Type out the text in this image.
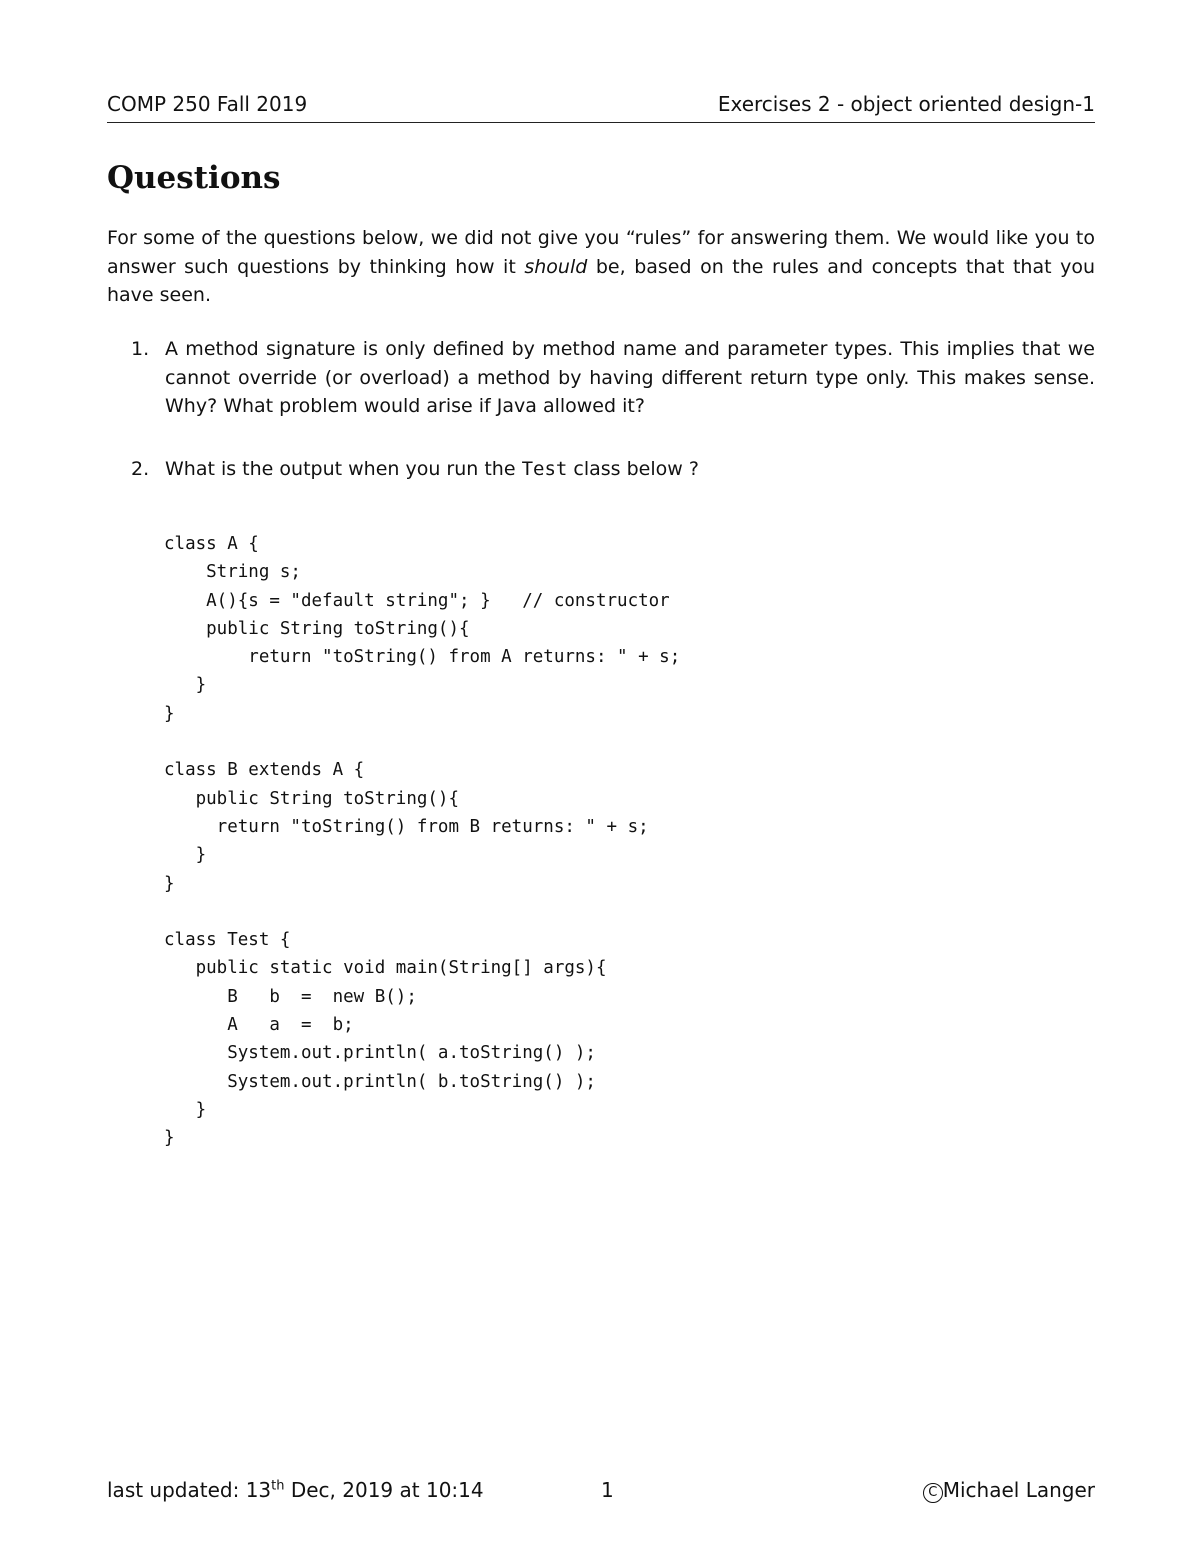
COMP 250 Fall 2019	Exercises 2 - object oriented design-1
Questions

For some of the questions below, we did not give you “rules” for answering them. We would like you to answer such questions by thinking how it should be, based on the rules and concepts that that you have seen.

1. A method signature is only defined by method name and parameter types. This implies that we cannot override (or overload) a method by having different return type only. This makes sense. Why? What problem would arise if Java allowed it?
2. What is the output when you run the Test class below ?
class A {
String s;
A(){s = "default string"; }   // constructor
public String toString(){
return "toString() from A returns: " + s;
}
}

class B extends A {
public String toString(){
return "toString() from B returns: " + s;
}
}

class Test {
public static void main(String[] args){
B   b  =  new B();
A   a  =  b;
System.out.println( a.toString() );
System.out.println( b.toString() );
}
}
last updated: 13th Dec, 2019 at 10:14	1	C Michael Langer
